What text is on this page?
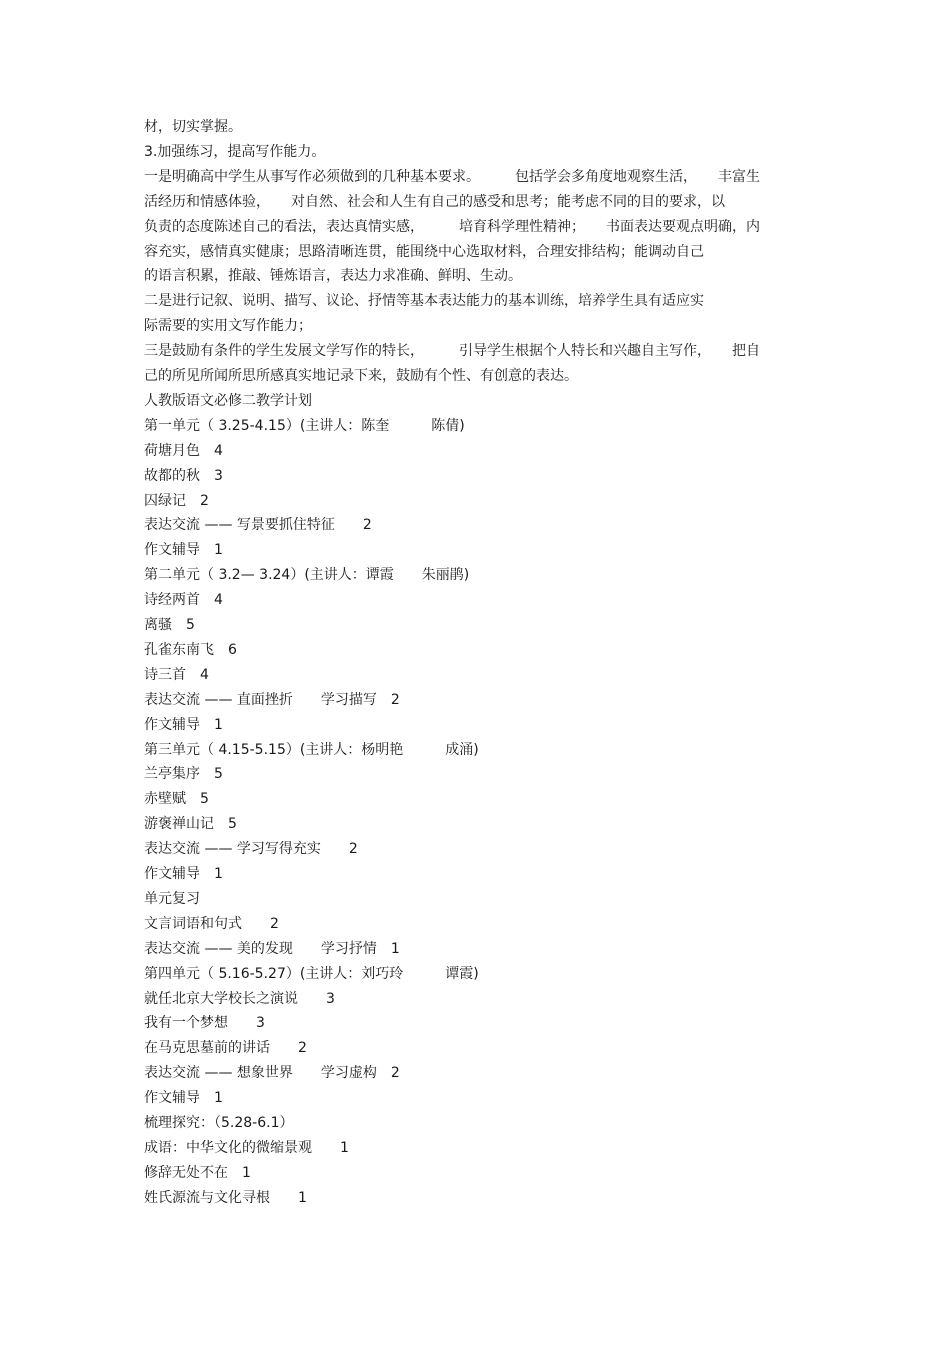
材，切实掌握。
3.加强练习，提高写作能力。
一是明确高中学生从事写作必须做到的几种基本要求。　　　包括学会多角度地观察生活，　　丰富生
活经历和情感体验，　　对自然、社会和人生有自己的感受和思考；能考虑不同的目的要求，以
负责的态度陈述自己的看法，表达真情实感，　　　培育科学理性精神；　　书面表达要观点明确，内
容充实，感情真实健康；思路清晰连贯，能围绕中心选取材料，合理安排结构；能调动自己
的语言积累，推敲、锤炼语言，表达力求准确、鲜明、生动。
二是进行记叙、说明、描写、议论、抒情等基本表达能力的基本训练，培养学生具有适应实
际需要的实用文写作能力；
三是鼓励有条件的学生发展文学写作的特长，　　　引导学生根据个人特长和兴趣自主写作，　　把自
己的所见所闻所思所感真实地记录下来，鼓励有个性、有创意的表达。
人教版语文必修二教学计划
第一单元（ 3.25-4.15）(主讲人：陈奎　　　陈倩)
荷塘月色　4
故都的秋　3
囚绿记　2
表达交流 —— 写景要抓住特征　　2
作文辅导　1
第二单元（ 3.2— 3.24）(主讲人：谭霞　　朱丽鹃)
诗经两首　4
离骚　5
孔雀东南飞　6
诗三首　4
表达交流 —— 直面挫折　　学习描写　2
作文辅导　1
第三单元（ 4.15-5.15）(主讲人：杨明艳　　　成涌)
兰亭集序　5
赤壁赋　5
游褒禅山记　5
表达交流 —— 学习写得充实　　2
作文辅导　1
单元复习
文言词语和句式　　2
表达交流 —— 美的发现　　学习抒情　1
第四单元（ 5.16-5.27）(主讲人：刘巧玲　　　谭霞)
就任北京大学校长之演说　　3
我有一个梦想　　3
在马克思墓前的讲话　　2
表达交流 —— 想象世界　　学习虚构　2
作文辅导　1
梳理探究：（5.28-6.1）
成语：中华文化的微缩景观　　1
修辞无处不在　1
姓氏源流与文化寻根　　1
